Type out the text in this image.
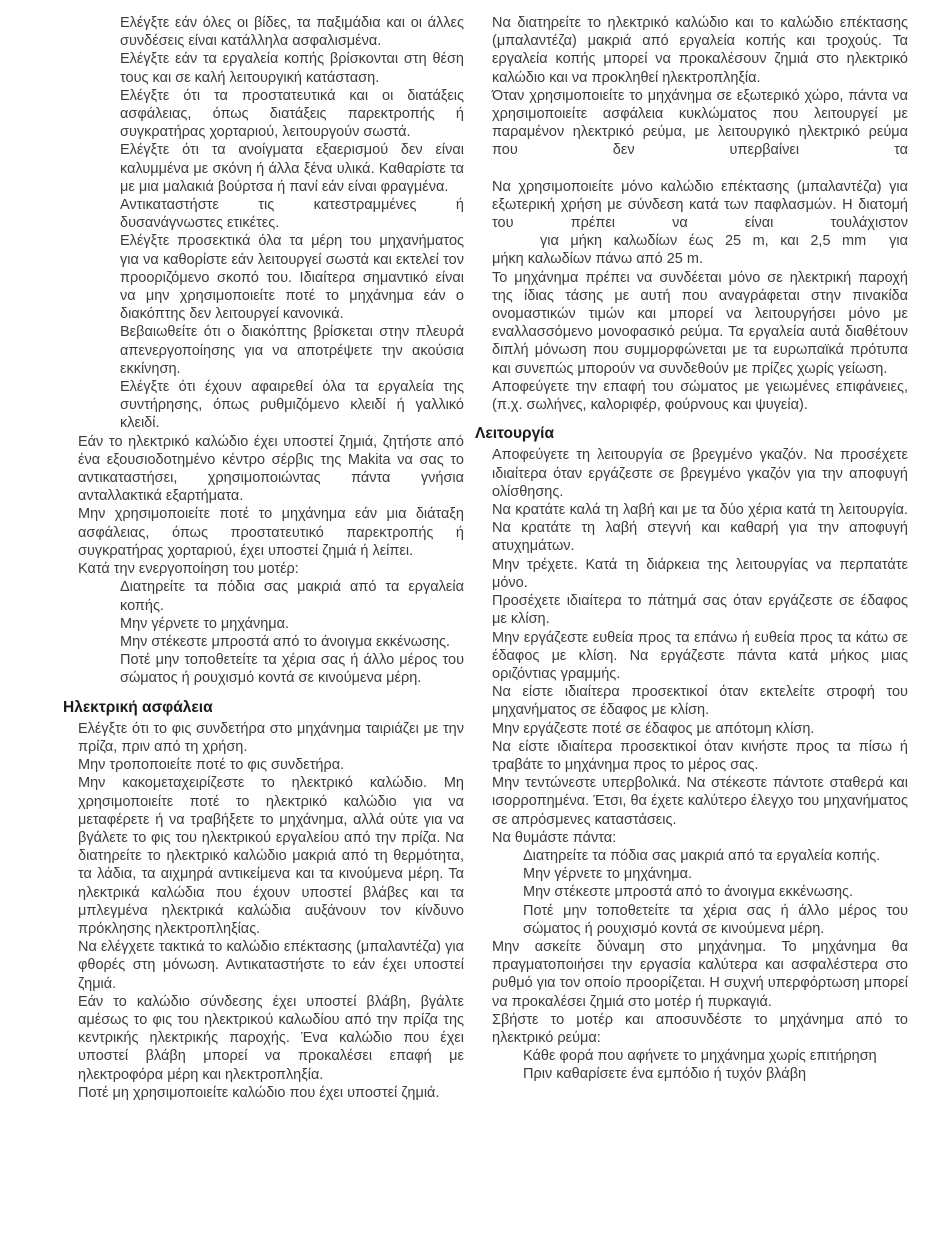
Ελέγξτε εάν όλες οι βίδες, τα παξιμάδια και οι άλλες συνδέσεις είναι κατάλληλα ασφαλισμένα.
Ελέγξτε εάν τα εργαλεία κοπής βρίσκονται στη θέση τους και σε καλή λειτουργική κατάσταση.
Ελέγξτε ότι τα προστατευτικά και οι διατάξεις ασφάλειας, όπως διατάξεις παρεκτροπής ή συγκρατήρας χορταριού, λειτουργούν σωστά.
Ελέγξτε ότι τα ανοίγματα εξαερισμού δεν είναι καλυμμένα με σκόνη ή άλλα ξένα υλικά. Καθαρίστε τα με μια μαλακιά βούρτσα ή πανί εάν είναι φραγμένα.
Αντικαταστήστε τις κατεστραμμένες ή δυσανάγνωστες ετικέτες.
Ελέγξτε προσεκτικά όλα τα μέρη του μηχανήματος για να καθορίστε εάν λειτουργεί σωστά και εκτελεί τον προοριζόμενο σκοπό του. Ιδιαίτερα σημαντικό είναι να μην χρησιμοποιείτε ποτέ το μηχάνημα εάν ο διακόπτης δεν λειτουργεί κανονικά.
Βεβαιωθείτε ότι ο διακόπτης βρίσκεται στην πλευρά απενεργοποίησης για να αποτρέψετε την ακούσια εκκίνηση.
Ελέγξτε ότι έχουν αφαιρεθεί όλα τα εργαλεία της συντήρησης, όπως ρυθμιζόμενο κλειδί ή γαλλικό κλειδί.
Εάν το ηλεκτρικό καλώδιο έχει υποστεί ζημιά, ζητήστε από ένα εξουσιοδοτημένο κέντρο σέρβις της Makita να σας το αντικαταστήσει, χρησιμοποιώντας πάντα γνήσια ανταλλακτικά εξαρτήματα.
Μην χρησιμοποιείτε ποτέ το μηχάνημα εάν μια διάταξη ασφάλειας, όπως προστατευτικό παρεκτροπής ή συγκρατήρας χορταριού, έχει υποστεί ζημιά ή λείπει.
Κατά την ενεργοποίηση του μοτέρ:
Διατηρείτε τα πόδια σας μακριά από τα εργαλεία κοπής.
Μην γέρνετε το μηχάνημα.
Μην στέκεστε μπροστά από το άνοιγμα εκκένωσης.
Ποτέ μην τοποθετείτε τα χέρια σας ή άλλο μέρος του σώματος ή ρουχισμό κοντά σε κινούμενα μέρη.
Ηλεκτρική ασφάλεια
Ελέγξτε ότι το φις συνδετήρα στο μηχάνημα ταιριάζει με την πρίζα, πριν από τη χρήση.
Μην τροποποιείτε ποτέ το φις συνδετήρα.
Μην κακομεταχειρίζεστε το ηλεκτρικό καλώδιο. Μη χρησιμοποιείτε ποτέ το ηλεκτρικό καλώδιο για να μεταφέρετε ή να τραβήξετε το μηχάνημα, αλλά ούτε για να βγάλετε το φις του ηλεκτρικού εργαλείου από την πρίζα. Να διατηρείτε το ηλεκτρικό καλώδιο μακριά από τη θερμότητα, τα λάδια, τα αιχμηρά αντικείμενα και τα κινούμενα μέρη. Τα ηλεκτρικά καλώδια που έχουν υποστεί βλάβες και τα μπλεγμένα ηλεκτρικά καλώδια αυξάνουν τον κίνδυνο πρόκλησης ηλεκτροπληξίας.
Να ελέγχετε τακτικά το καλώδιο επέκτασης (μπαλαντέζα) για φθορές στη μόνωση. Αντικαταστήστε το εάν έχει υποστεί ζημιά.
Εάν το καλώδιο σύνδεσης έχει υποστεί βλάβη, βγάλτε αμέσως το φις του ηλεκτρικού καλωδίου από την πρίζα της κεντρικής ηλεκτρικής παροχής. Ένα καλώδιο που έχει υποστεί βλάβη μπορεί να προκαλέσει επαφή με ηλεκτροφόρα μέρη και ηλεκτροπληξία.
Ποτέ μη χρησιμοποιείτε καλώδιο που έχει υποστεί ζημιά.
Να διατηρείτε το ηλεκτρικό καλώδιο και το καλώδιο επέκτασης (μπαλαντέζα) μακριά από εργαλεία κοπής και τροχούς. Τα εργαλεία κοπής μπορεί να προκαλέσουν ζημιά στο ηλεκτρικό καλώδιο και να προκληθεί ηλεκτροπληξία.
Όταν χρησιμοποιείτε το μηχάνημα σε εξωτερικό χώρο, πάντα να χρησιμοποιείτε ασφάλεια κυκλώματος που λειτουργεί με παραμένον ηλεκτρικό ρεύμα, με λειτουργικό ηλεκτρικό ρεύμα που δεν υπερβαίνει τα
Να χρησιμοποιείτε μόνο καλώδιο επέκτασης (μπαλαντέζα) για εξωτερική χρήση με σύνδεση κατά των παφλασμών. Η διατομή του πρέπει να είναι τουλάχιστον
για μήκη καλωδίων έως 25 m, και 2,5 mm  για
μήκη καλωδίων πάνω από 25 m.
Το μηχάνημα πρέπει να συνδέεται μόνο σε ηλεκτρική παροχή της ίδιας τάσης με αυτή που αναγράφεται στην πινακίδα ονομαστικών τιμών και μπορεί να λειτουργήσει μόνο με εναλλασσόμενο μονοφασικό ρεύμα. Τα εργαλεία αυτά διαθέτουν διπλή μόνωση που συμμορφώνεται με τα ευρωπαϊκά πρότυπα και συνεπώς μπορούν να συνδεθούν με πρίζες χωρίς γείωση.
Αποφεύγετε την επαφή του σώματος με γειωμένες επιφάνειες, (π.χ. σωλήνες, καλοριφέρ, φούρνους και ψυγεία).
Λειτουργία
Αποφεύγετε τη λειτουργία σε βρεγμένο γκαζόν. Να προσέχετε ιδιαίτερα όταν εργάζεστε σε βρεγμένο γκαζόν για την αποφυγή ολίσθησης.
Να κρατάτε καλά τη λαβή και με τα δύο χέρια κατά τη λειτουργία. Να κρατάτε τη λαβή στεγνή και καθαρή για την αποφυγή ατυχημάτων.
Μην τρέχετε. Κατά τη διάρκεια της λειτουργίας να περπατάτε μόνο.
Προσέχετε ιδιαίτερα το πάτημά σας όταν εργάζεστε σε έδαφος με κλίση.
Μην εργάζεστε ευθεία προς τα επάνω ή ευθεία προς τα κάτω σε έδαφος με κλίση. Να εργάζεστε πάντα κατά μήκος μιας οριζόντιας γραμμής.
Να είστε ιδιαίτερα προσεκτικοί όταν εκτελείτε στροφή του μηχανήματος σε έδαφος με κλίση.
Μην εργάζεστε ποτέ σε έδαφος με απότομη κλίση.
Να είστε ιδιαίτερα προσεκτικοί όταν κινήστε προς τα πίσω ή τραβάτε το μηχάνημα προς το μέρος σας.
Μην τεντώνεστε υπερβολικά. Να στέκεστε πάντοτε σταθερά και ισορροπημένα. Έτσι, θα έχετε καλύτερο έλεγχο του μηχανήματος σε απρόσμενες καταστάσεις.
Να θυμάστε πάντα:
Διατηρείτε τα πόδια σας μακριά από τα εργαλεία κοπής.
Μην γέρνετε το μηχάνημα.
Μην στέκεστε μπροστά από το άνοιγμα εκκένωσης.
Ποτέ μην τοποθετείτε τα χέρια σας ή άλλο μέρος του σώματος ή ρουχισμό κοντά σε κινούμενα μέρη.
Μην ασκείτε δύναμη στο μηχάνημα. Το μηχάνημα θα πραγματοποιήσει την εργασία καλύτερα και ασφαλέστερα στο ρυθμό για τον οποίο προορίζεται. Η συχνή υπερφόρτωση μπορεί να προκαλέσει ζημιά στο μοτέρ ή πυρκαγιά.
Σβήστε το μοτέρ και αποσυνδέστε το μηχάνημα από το ηλεκτρικό ρεύμα:
Κάθε φορά που αφήνετε το μηχάνημα χωρίς επιτήρηση
Πριν καθαρίσετε ένα εμπόδιο ή τυχόν βλάβη
